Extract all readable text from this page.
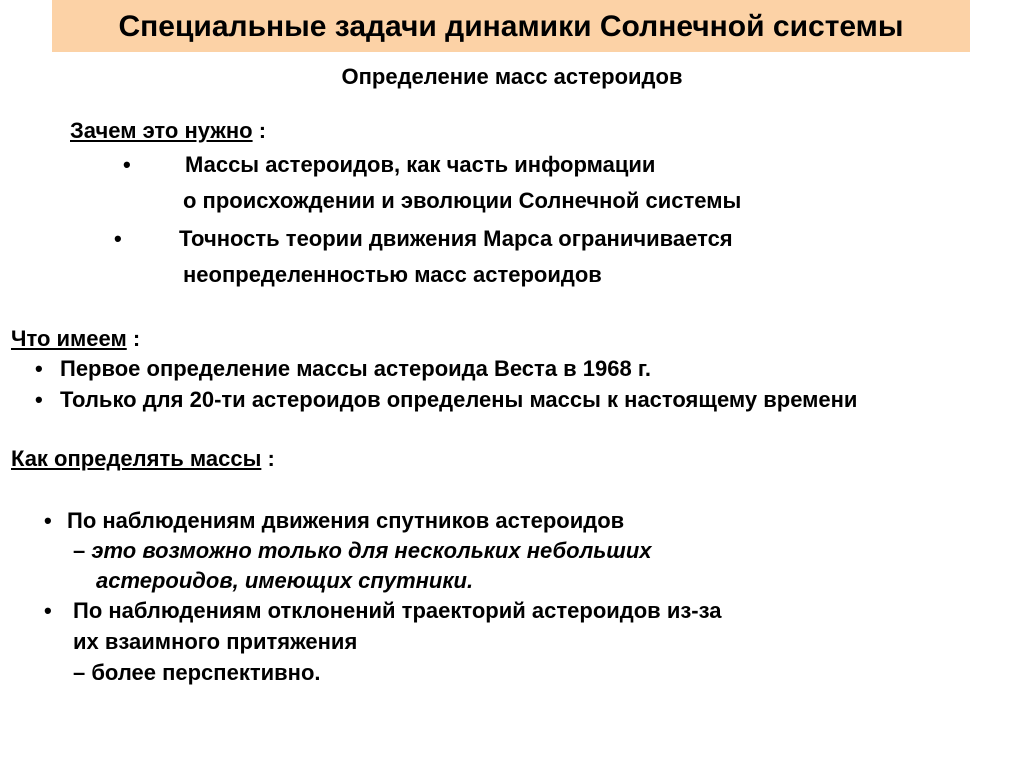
Специальные задачи динамики Солнечной системы
Определение масс астероидов
Зачем это нужно :
• Массы астероидов, как часть информации
о происхождении и эволюции Солнечной системы
•	Точность теории движения Марса ограничивается
неопределенностью масс астероидов
Что имеем :
• Первое определение массы астероида Веста в 1968 г.
• Только для 20-ти астероидов определены массы к настоящему времени
Как определять массы :
• По наблюдениям движения спутников астероидов
– это возможно только для нескольких небольших
астероидов, имеющих спутники.
• По наблюдениям отклонений траекторий астероидов из-за
их взаимного притяжения
– более перспективно.
